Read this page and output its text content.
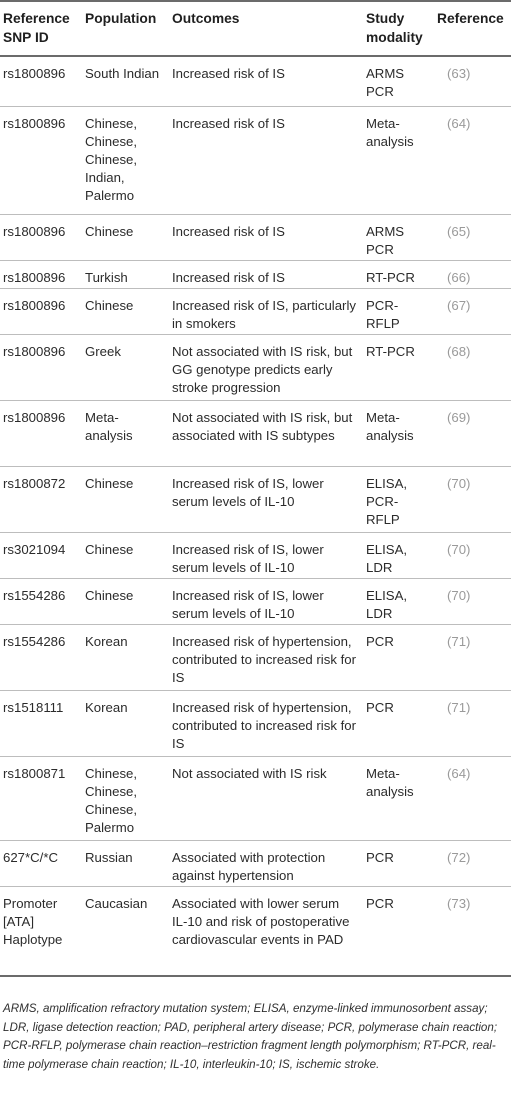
Reference SNP ID	Population	Outcomes	Study modality	Reference
rs1800896	South Indian	Increased risk of IS	ARMS PCR	(63)
rs1800896	Chinese, Chinese, Chinese, Indian, Palermo	Increased risk of IS	Meta-analysis	(64)
rs1800896	Chinese	Increased risk of IS	ARMS PCR	(65)
rs1800896	Turkish	Increased risk of IS	RT-PCR	(66)
rs1800896	Chinese	Increased risk of IS, particularly in smokers	PCR-RFLP	(67)
rs1800896	Greek	Not associated with IS risk, but GG genotype predicts early stroke progression	RT-PCR	(68)
rs1800896	Meta-analysis	Not associated with IS risk, but associated with IS subtypes	Meta-analysis	(69)
rs1800872	Chinese	Increased risk of IS, lower serum levels of IL-10	ELISA, PCR-RFLP	(70)
rs3021094	Chinese	Increased risk of IS, lower serum levels of IL-10	ELISA, LDR	(70)
rs1554286	Chinese	Increased risk of IS, lower serum levels of IL-10	ELISA, LDR	(70)
rs1554286	Korean	Increased risk of hypertension, contributed to increased risk for IS	PCR	(71)
rs1518111	Korean	Increased risk of hypertension, contributed to increased risk for IS	PCR	(71)
rs1800871	Chinese, Chinese, Chinese, Palermo	Not associated with IS risk	Meta-analysis	(64)
627*C/*C	Russian	Associated with protection against hypertension	PCR	(72)
Promoter [ATA] Haplotype	Caucasian	Associated with lower serum IL-10 and risk of postoperative cardiovascular events in PAD	PCR	(73)
ARMS, amplification refractory mutation system; ELISA, enzyme-linked immunosorbent assay; LDR, ligase detection reaction; PAD, peripheral artery disease; PCR, polymerase chain reaction; PCR-RFLP, polymerase chain reaction–restriction fragment length polymorphism; RT-PCR, real-time polymerase chain reaction; IL-10, interleukin-10; IS, ischemic stroke.
